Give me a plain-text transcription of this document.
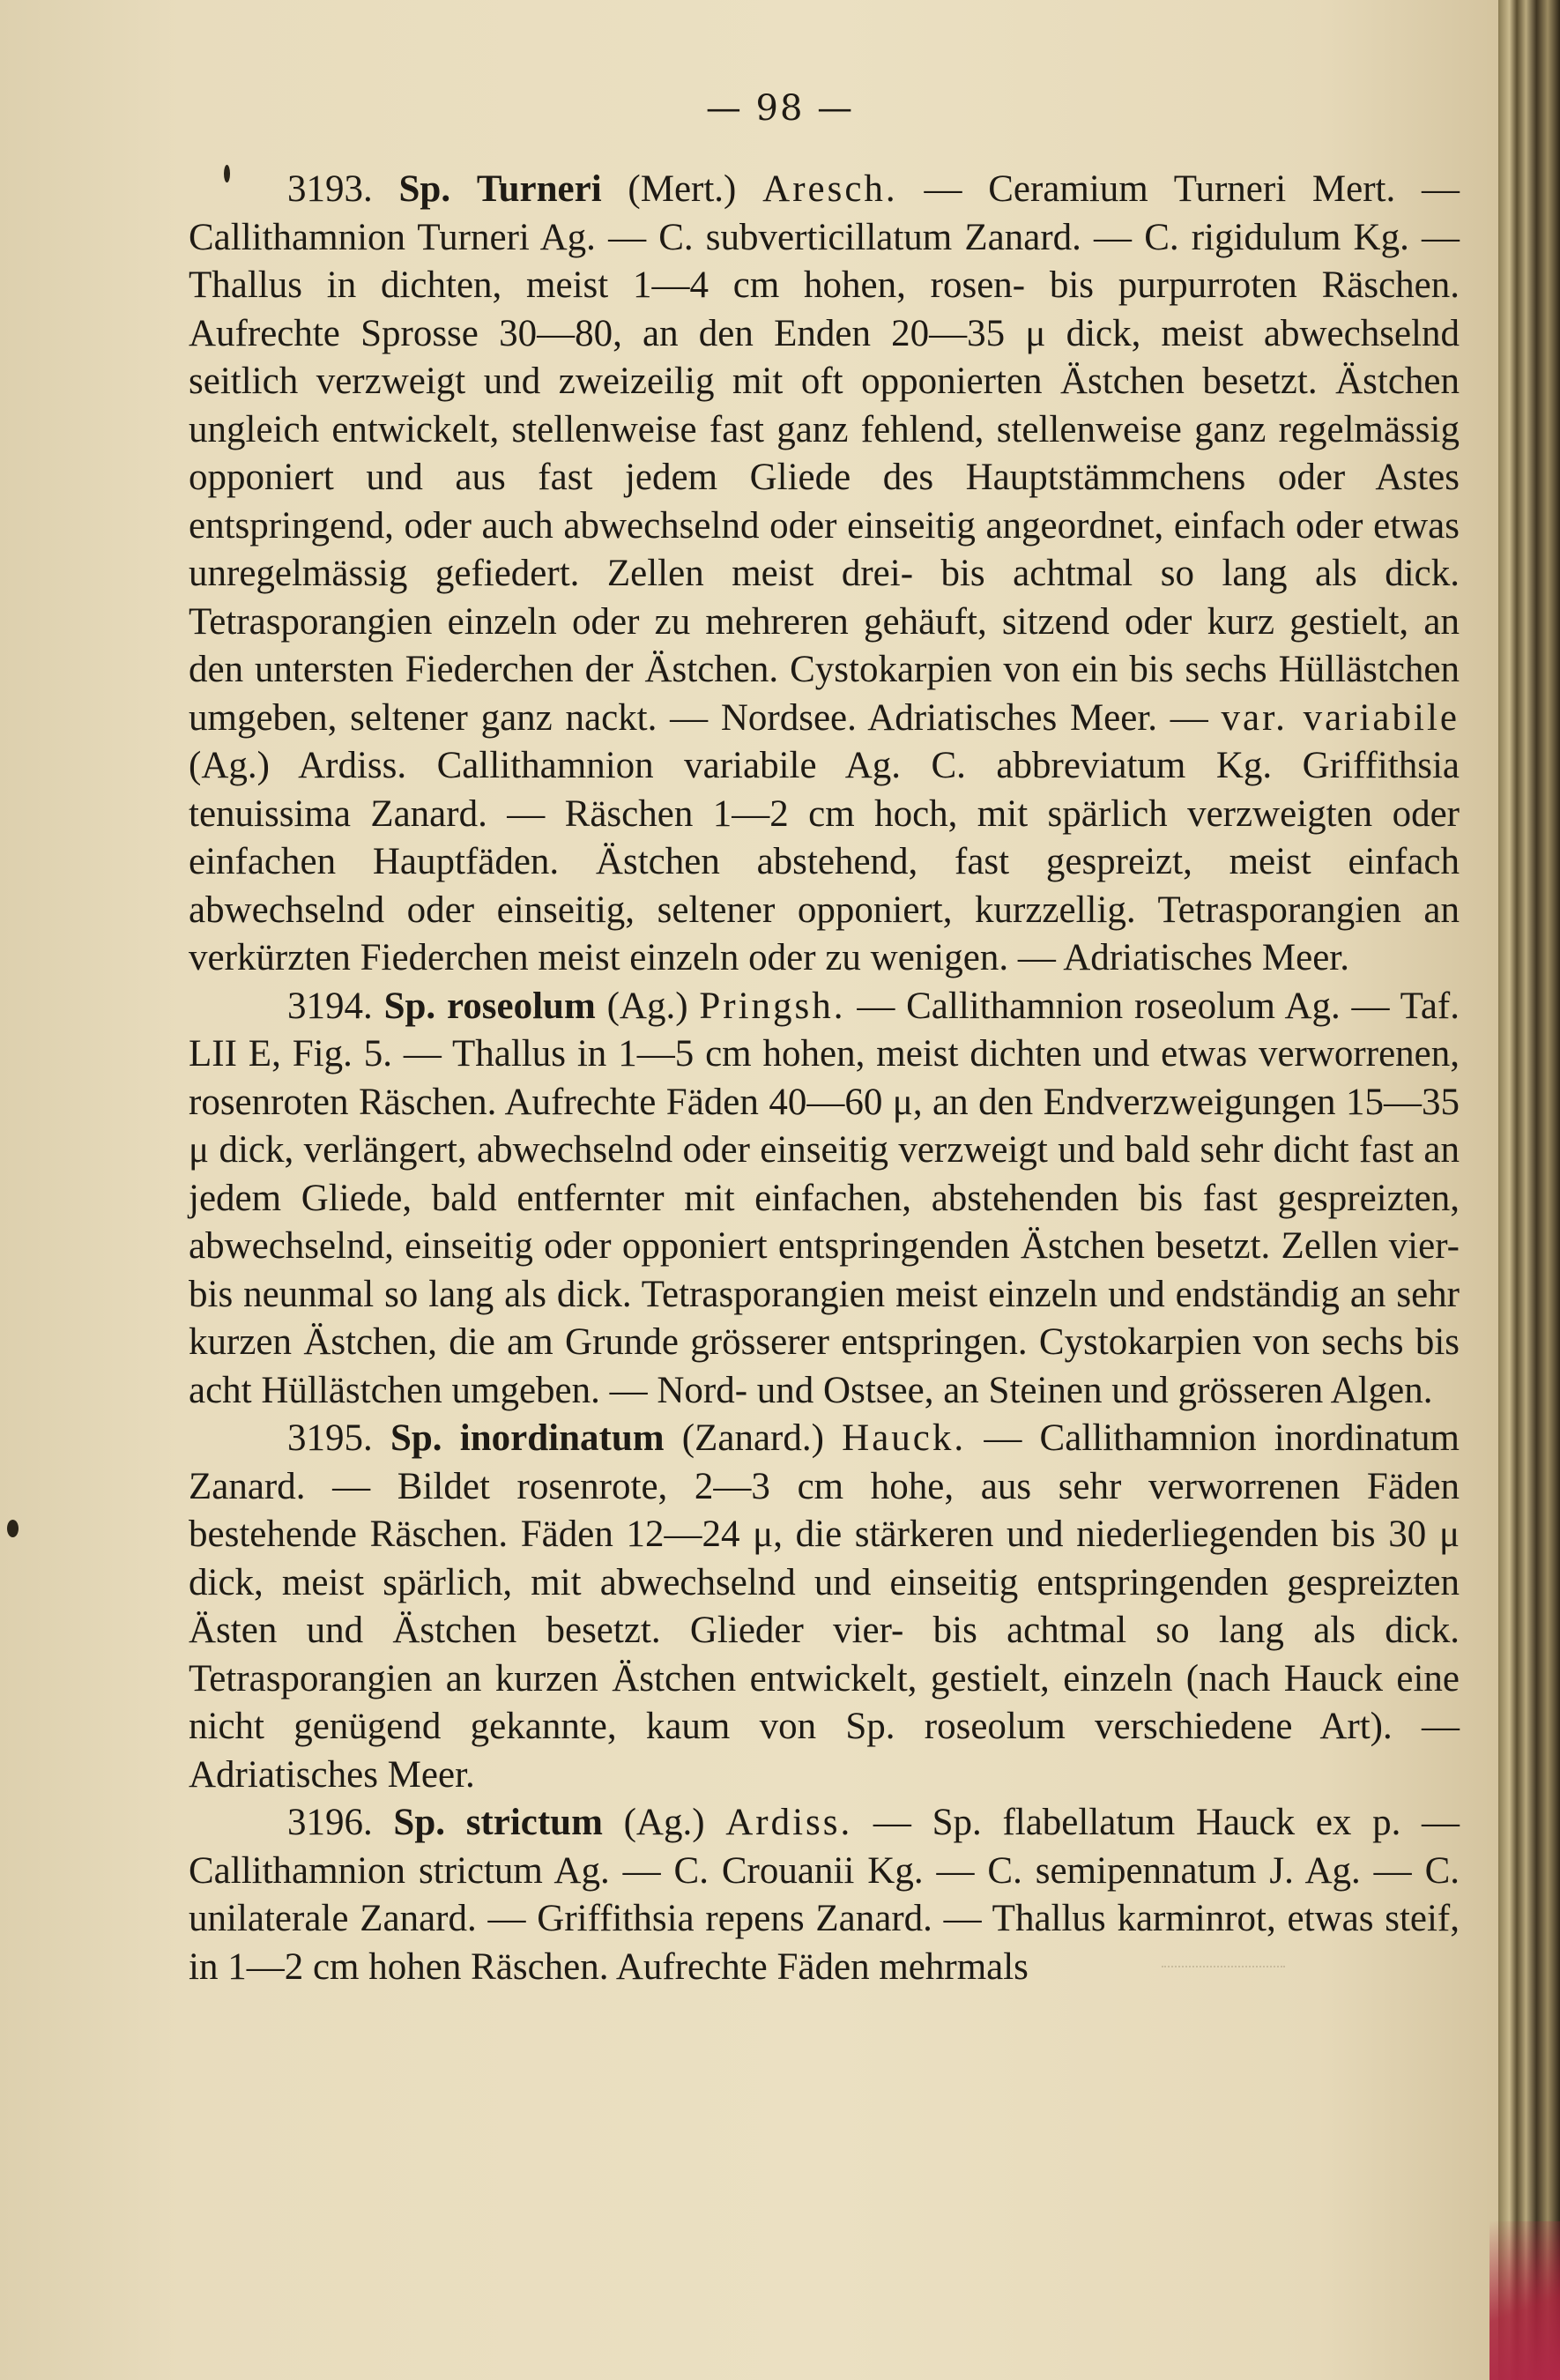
— 98 —

3193. Sp. Turneri (Mert.) Aresch. — Ceramium Turneri Mert. — Callithamnion Turneri Ag. — C. subverticillatum Zanard. — C. rigidulum Kg. — Thallus in dichten, meist 1—4 cm hohen, rosen- bis purpurroten Räschen. Aufrechte Sprosse 30—80, an den Enden 20—35 μ dick, meist abwechselnd seitlich verzweigt und zweizeilig mit oft opponierten Ästchen besetzt. Ästchen ungleich entwickelt, stellenweise fast ganz fehlend, stellenweise ganz regelmässig opponiert und aus fast jedem Gliede des Hauptstämmchens oder Astes entspringend, oder auch abwechselnd oder einseitig angeordnet, einfach oder etwas unregelmässig gefiedert. Zellen meist drei- bis achtmal so lang als dick. Tetrasporangien einzeln oder zu mehreren gehäuft, sitzend oder kurz gestielt, an den untersten Fiederchen der Ästchen. Cystokarpien von ein bis sechs Hüllästchen umgeben, seltener ganz nackt. — Nordsee. Adriatisches Meer. — var. variabile (Ag.) Ardiss. Callithamnion variabile Ag. C. abbreviatum Kg. Griffithsia tenuissima Zanard. — Räschen 1—2 cm hoch, mit spärlich verzweigten oder einfachen Hauptfäden. Ästchen abstehend, fast gespreizt, meist einfach abwechselnd oder einseitig, seltener opponiert, kurzzellig. Tetrasporangien an verkürzten Fiederchen meist einzeln oder zu wenigen. — Adriatisches Meer.

3194. Sp. roseolum (Ag.) Pringsh. — Callithamnion roseolum Ag. — Taf. LII E, Fig. 5. — Thallus in 1—5 cm hohen, meist dichten und etwas verworrenen, rosenroten Räschen. Aufrechte Fäden 40—60 μ, an den Endverzweigungen 15—35 μ dick, verlängert, abwechselnd oder einseitig verzweigt und bald sehr dicht fast an jedem Gliede, bald entfernter mit einfachen, abstehenden bis fast gespreizten, abwechselnd, einseitig oder opponiert entspringenden Ästchen besetzt. Zellen vier- bis neunmal so lang als dick. Tetrasporangien meist einzeln und endständig an sehr kurzen Ästchen, die am Grunde grösserer entspringen. Cystokarpien von sechs bis acht Hüllästchen umgeben. — Nord- und Ostsee, an Steinen und grösseren Algen.

3195. Sp. inordinatum (Zanard.) Hauck. — Callithamnion inordinatum Zanard. — Bildet rosenrote, 2—3 cm hohe, aus sehr verworrenen Fäden bestehende Räschen. Fäden 12—24 μ, die stärkeren und niederliegenden bis 30 μ dick, meist spärlich, mit abwechselnd und einseitig entspringenden gespreizten Ästen und Ästchen besetzt. Glieder vier- bis achtmal so lang als dick. Tetrasporangien an kurzen Ästchen entwickelt, gestielt, einzeln (nach Hauck eine nicht genügend gekannte, kaum von Sp. roseolum verschiedene Art). — Adriatisches Meer.

3196. Sp. strictum (Ag.) Ardiss. — Sp. flabellatum Hauck ex p. — Callithamnion strictum Ag. — C. Crouanii Kg. — C. semipennatum J. Ag. — C. unilaterale Zanard. — Griffithsia repens Zanard. — Thallus karminrot, etwas steif, in 1—2 cm hohen Räschen. Aufrechte Fäden mehrmals
